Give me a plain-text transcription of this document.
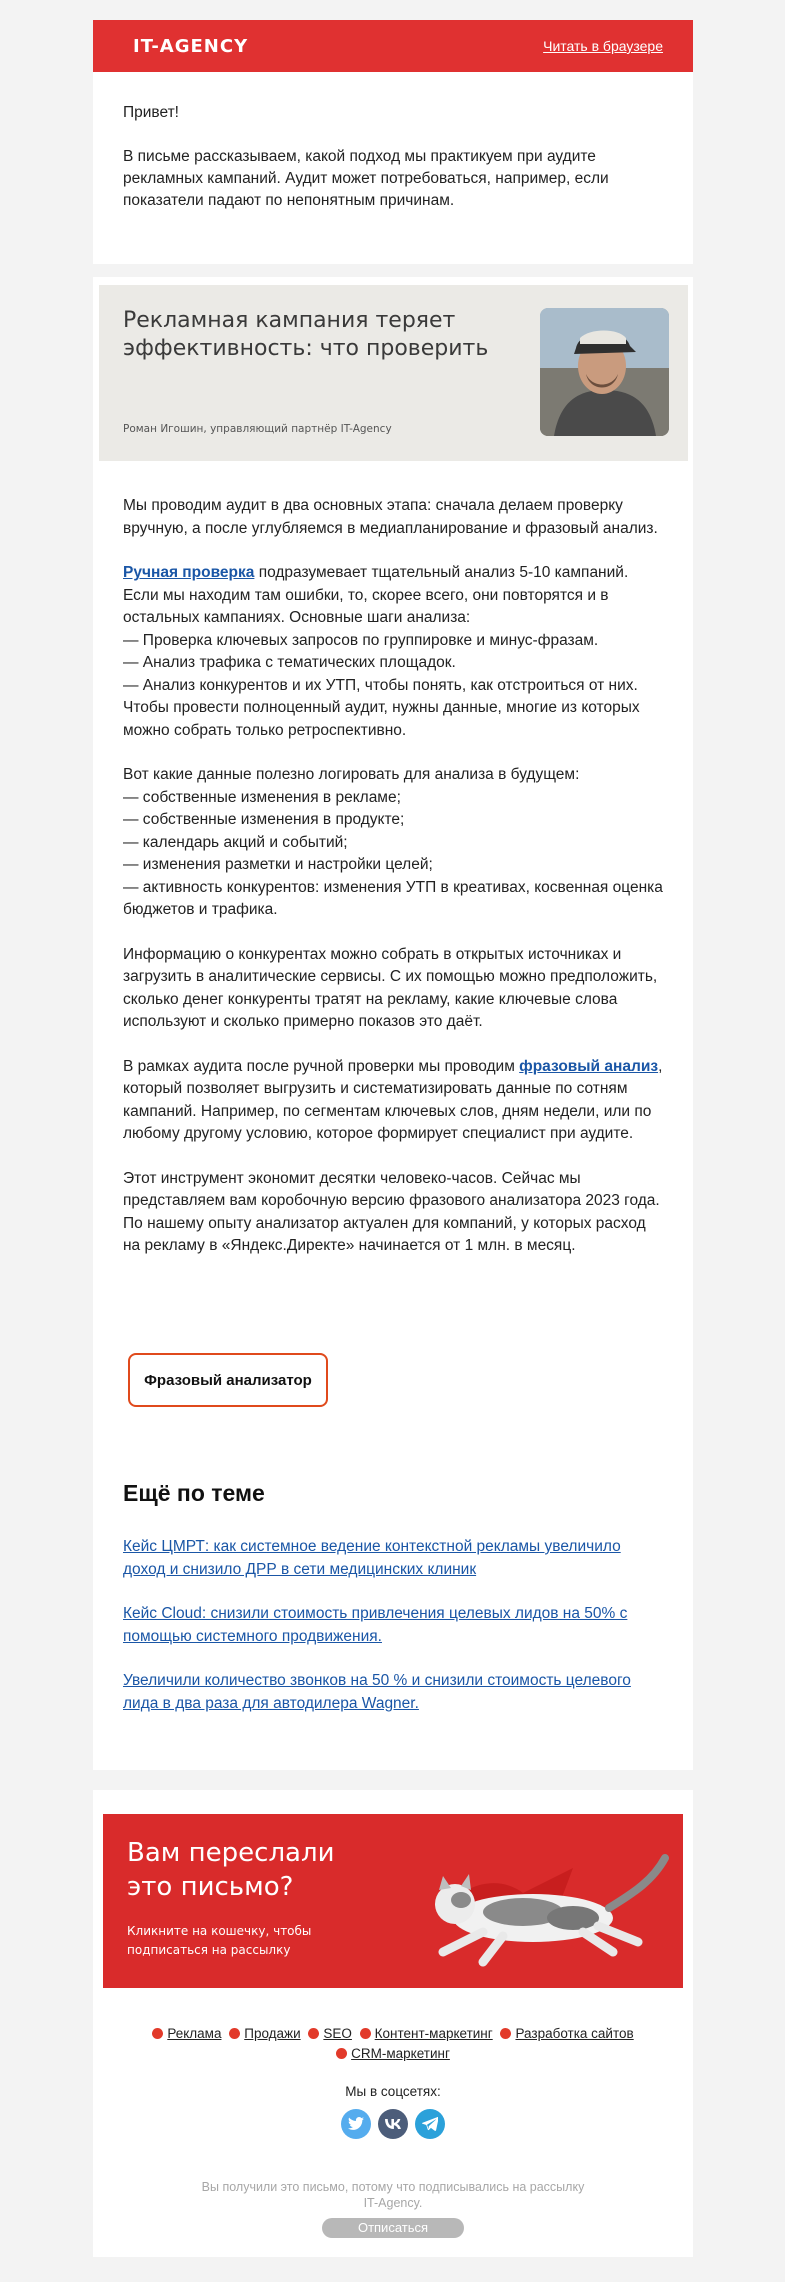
IT-AGENCY	Читать в браузере

Привет!

В письме рассказываем, какой подход мы практикуем при аудите рекламных кампаний. Аудит может потребоваться, например, если показатели падают по непонятным причинам.

Рекламная кампания теряет эффективность: что проверить
Роман Игошин, управляющий партнёр IT-Agency

Мы проводим аудит в два основных этапа: сначала делаем проверку вручную, а после углубляемся в медиапланирование и фразовый анализ.

Ручная проверка подразумевает тщательный анализ 5-10 кампаний. Если мы находим там ошибки, то, скорее всего, они повторятся и в остальных кампаниях. Основные шаги анализа:
— Проверка ключевых запросов по группировке и минус-фразам.
— Анализ трафика с тематических площадок.
— Анализ конкурентов и их УТП, чтобы понять, как отстроиться от них.
Чтобы провести полноценный аудит, нужны данные, многие из которых можно собрать только ретроспективно.

Вот какие данные полезно логировать для анализа в будущем:
— собственные изменения в рекламе;
— собственные изменения в продукте;
— календарь акций и событий;
— изменения разметки и настройки целей;
— активность конкурентов: изменения УТП в креативах, косвенная оценка бюджетов и трафика.

Информацию о конкурентах можно собрать в открытых источниках и загрузить в аналитические сервисы. С их помощью можно предположить, сколько денег конкуренты тратят на рекламу, какие ключевые слова используют и сколько примерно показов это даёт.

В рамках аудита после ручной проверки мы проводим фразовый анализ, который позволяет выгрузить и систематизировать данные по сотням кампаний. Например, по сегментам ключевых слов, дням недели, или по любому другому условию, которое формирует специалист при аудите.

Этот инструмент экономит десятки человеко-часов. Сейчас мы представляем вам коробочную версию фразового анализатора 2023 года. По нашему опыту анализатор актуален для компаний, у которых расход на рекламу в «Яндекс.Директе» начинается от 1 млн. в месяц.

Фразовый анализатор
Ещё по теме
Кейс ЦМРТ: как системное ведение контекстной рекламы увеличило доход и снизило ДРР в сети медицинских клиник
Кейс Cloud: снизили стоимость привлечения целевых лидов на 50% с помощью системного продвижения.
Увеличили количество звонков на 50 % и снизили стоимость целевого лида в два раза для автодилера Wagner.
Вам переслали это письмо?
Кликните на кошечку, чтобы подписаться на рассылку
Реклама Продажи SEO Контент-маркетинг Разработка сайтов CRM-маркетинг
Мы в соцсетях:
Вы получили это письмо, потому что подписывались на рассылку IT-Agency.
Отписаться
